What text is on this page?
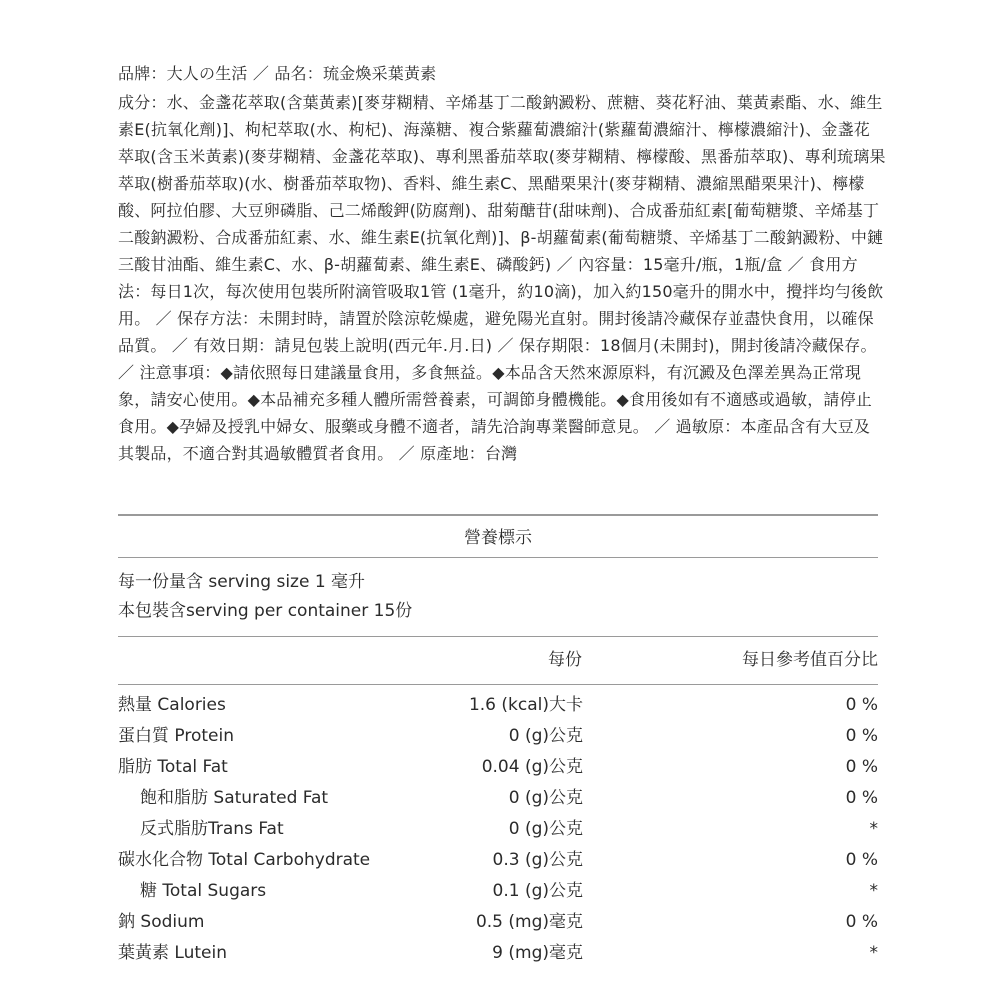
品牌：大人の生活 ／ 品名：琉金煥采葉黃素

成分：水、金盞花萃取(含葉黃素)[麥芽糊精、辛烯基丁二酸鈉澱粉、蔗糖、葵花籽油、葉黃素酯、水、維生素E(抗氧化劑)]、枸杞萃取(水、枸杞)、海藻糖、複合紫蘿蔔濃縮汁(紫蘿蔔濃縮汁、檸檬濃縮汁)、金盞花萃取(含玉米黃素)(麥芽糊精、金盞花萃取)、專利黑番茄萃取(麥芽糊精、檸檬酸、黑番茄萃取)、專利琉璃果萃取(樹番茄萃取)(水、樹番茄萃取物)、香料、維生素C、黑醋栗果汁(麥芽糊精、濃縮黑醋栗果汁)、檸檬酸、阿拉伯膠、大豆卵磷脂、己二烯酸鉀(防腐劑)、甜菊醣苷(甜味劑)、合成番茄紅素[葡萄糖漿、辛烯基丁二酸鈉澱粉、合成番茄紅素、水、維生素E(抗氧化劑)]、β-胡蘿蔔素(葡萄糖漿、辛烯基丁二酸鈉澱粉、中鏈三酸甘油酯、維生素C、水、β-胡蘿蔔素、維生素E、磷酸鈣) ／ 內容量：15毫升/瓶，1瓶/盒 ／ 食用方法：每日1次，每次使用包裝所附滴管吸取1管 (1毫升，約10滴)，加入約150毫升的開水中，攪拌均勻後飲用。 ／ 保存方法：未開封時，請置於陰涼乾燥處，避免陽光直射。開封後請冷藏保存並盡快食用，以確保品質。 ／ 有效日期：請見包裝上說明(西元年.月.日) ／ 保存期限：18個月(未開封)，開封後請冷藏保存。 ／ 注意事項：◆請依照每日建議量食用，多食無益。◆本品含天然來源原料，有沉澱及色澤差異為正常現象，請安心使用。◆本品補充多種人體所需營養素，可調節身體機能。◆食用後如有不適感或過敏，請停止食用。◆孕婦及授乳中婦女、服藥或身體不適者，請先洽詢專業醫師意見。 ／ 過敏原：本產品含有大豆及其製品，不適合對其過敏體質者食用。 ／ 原產地：台灣

營養標示
每一份量含 serving size 1 毫升
本包裝含serving per container 15份
每份	每日參考值百分比
熱量 Calories	1.6 (kcal)大卡	0 %
蛋白質 Protein	0 (g)公克	0 %
脂肪 Total Fat	0.04 (g)公克	0 %
飽和脂肪 Saturated Fat	0 (g)公克	0 %
反式脂肪Trans Fat	0 (g)公克	*
碳水化合物 Total Carbohydrate	0.3 (g)公克	0 %
糖 Total Sugars	0.1 (g)公克	*
鈉 Sodium	0.5 (mg)毫克	0 %
葉黃素 Lutein	9 (mg)毫克	*
